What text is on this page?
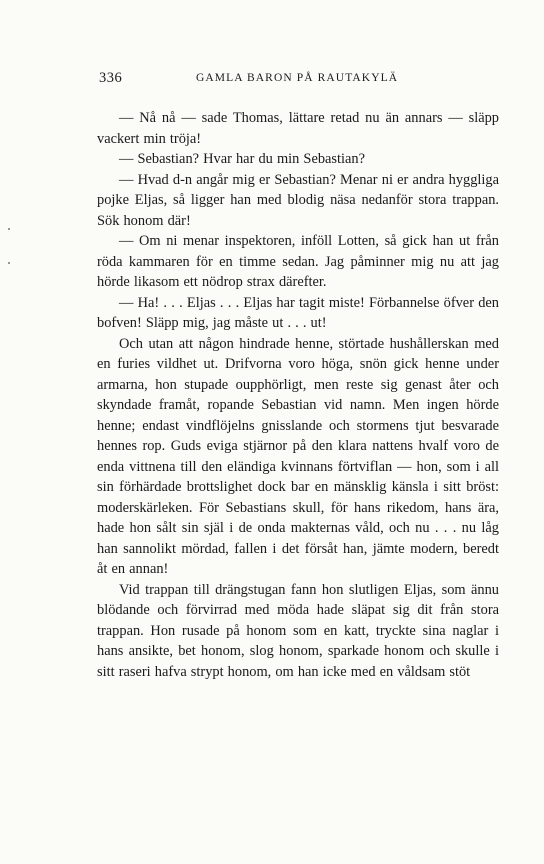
336	GAMLA BARON PÅ RAUTAKYLÄ

— Nå nå — sade Thomas, lättare retad nu än annars — släpp vackert min tröja!

— Sebastian? Hvar har du min Sebastian?

— Hvad d-n angår mig er Sebastian? Menar ni er andra hyggliga pojke Eljas, så ligger han med blodig näsa nedanför stora trappan. Sök honom där!

— Om ni menar inspektoren, inföll Lotten, så gick han ut från röda kammaren för en timme sedan. Jag påminner mig nu att jag hörde likasom ett nödrop strax därefter.

— Ha! . . . Eljas . . . Eljas har tagit miste! Förbannelse öfver den bofven! Släpp mig, jag måste ut . . . ut!

Och utan att någon hindrade henne, störtade hushållerskan med en furies vildhet ut. Drifvorna voro höga, snön gick henne under armarna, hon stupade oupphörligt, men reste sig genast åter och skyndade framåt, ropande Sebastian vid namn. Men ingen hörde henne; endast vindflöjelns gnisslande och stormens tjut besvarade hennes rop. Guds eviga stjärnor på den klara nattens hvalf voro de enda vittnena till den eländiga kvinnans förtviflan — hon, som i all sin förhärdade brottslighet dock bar en mänsklig känsla i sitt bröst: moderskärleken. För Sebastians skull, för hans rikedom, hans ära, hade hon sålt sin själ i de onda makternas våld, och nu . . . nu låg han sannolikt mördad, fallen i det försåt han, jämte modern, beredt åt en annan!

Vid trappan till drängstugan fann hon slutligen Eljas, som ännu blödande och förvirrad med möda hade släpat sig dit från stora trappan. Hon rusade på honom som en katt, tryckte sina naglar i hans ansikte, bet honom, slog honom, sparkade honom och skulle i sitt raseri hafva strypt honom, om han icke med en våldsam stöt
